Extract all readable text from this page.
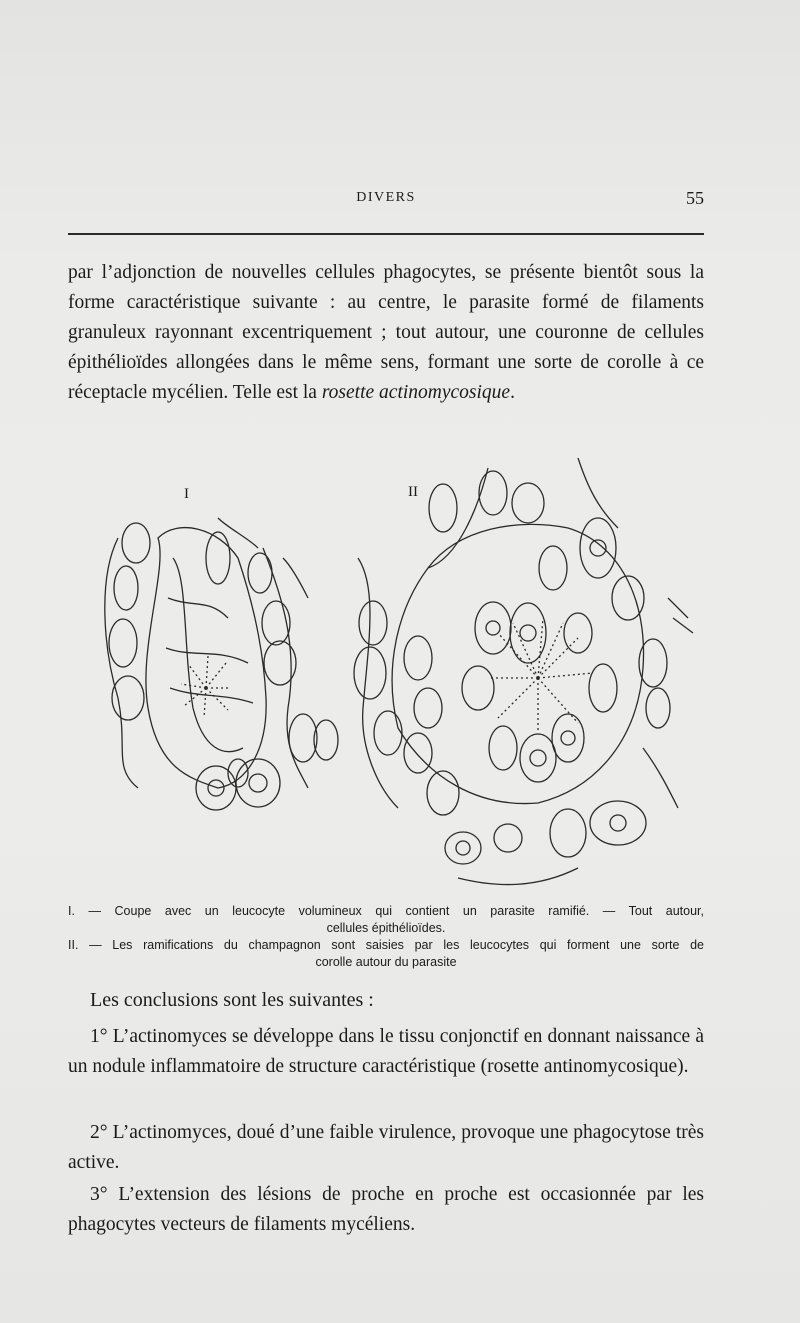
DIVERS	55

par l’adjonction de nouvelles cellules phagocytes, se présente bientôt sous la forme caractéristique suivante : au centre, le parasite formé de filaments granuleux rayonnant excentriquement ; tout autour, une couronne de cellules épithélioïdes allongées dans le même sens, formant une sorte de corolle à ce réceptacle mycélien. Telle est la rosette actinomycosique.

I	II
I. — Coupe avec un leucocyte volumineux qui contient un parasite ramifié. — Tout autour,
cellules épithélioïdes.
II. — Les ramifications du champagnon sont saisies par les leucocytes qui forment une sorte de
corolle autour du parasite

Les conclusions sont les suivantes :

1° L’actinomyces se développe dans le tissu conjonctif en donnant naissance à un nodule inflammatoire de structure caractéristique (rosette antinomycosique).

2° L’actinomyces, doué d’une faible virulence, provoque une phagocytose très active.

3° L’extension des lésions de proche en proche est occasionnée par les phagocytes vecteurs de filaments mycéliens.
